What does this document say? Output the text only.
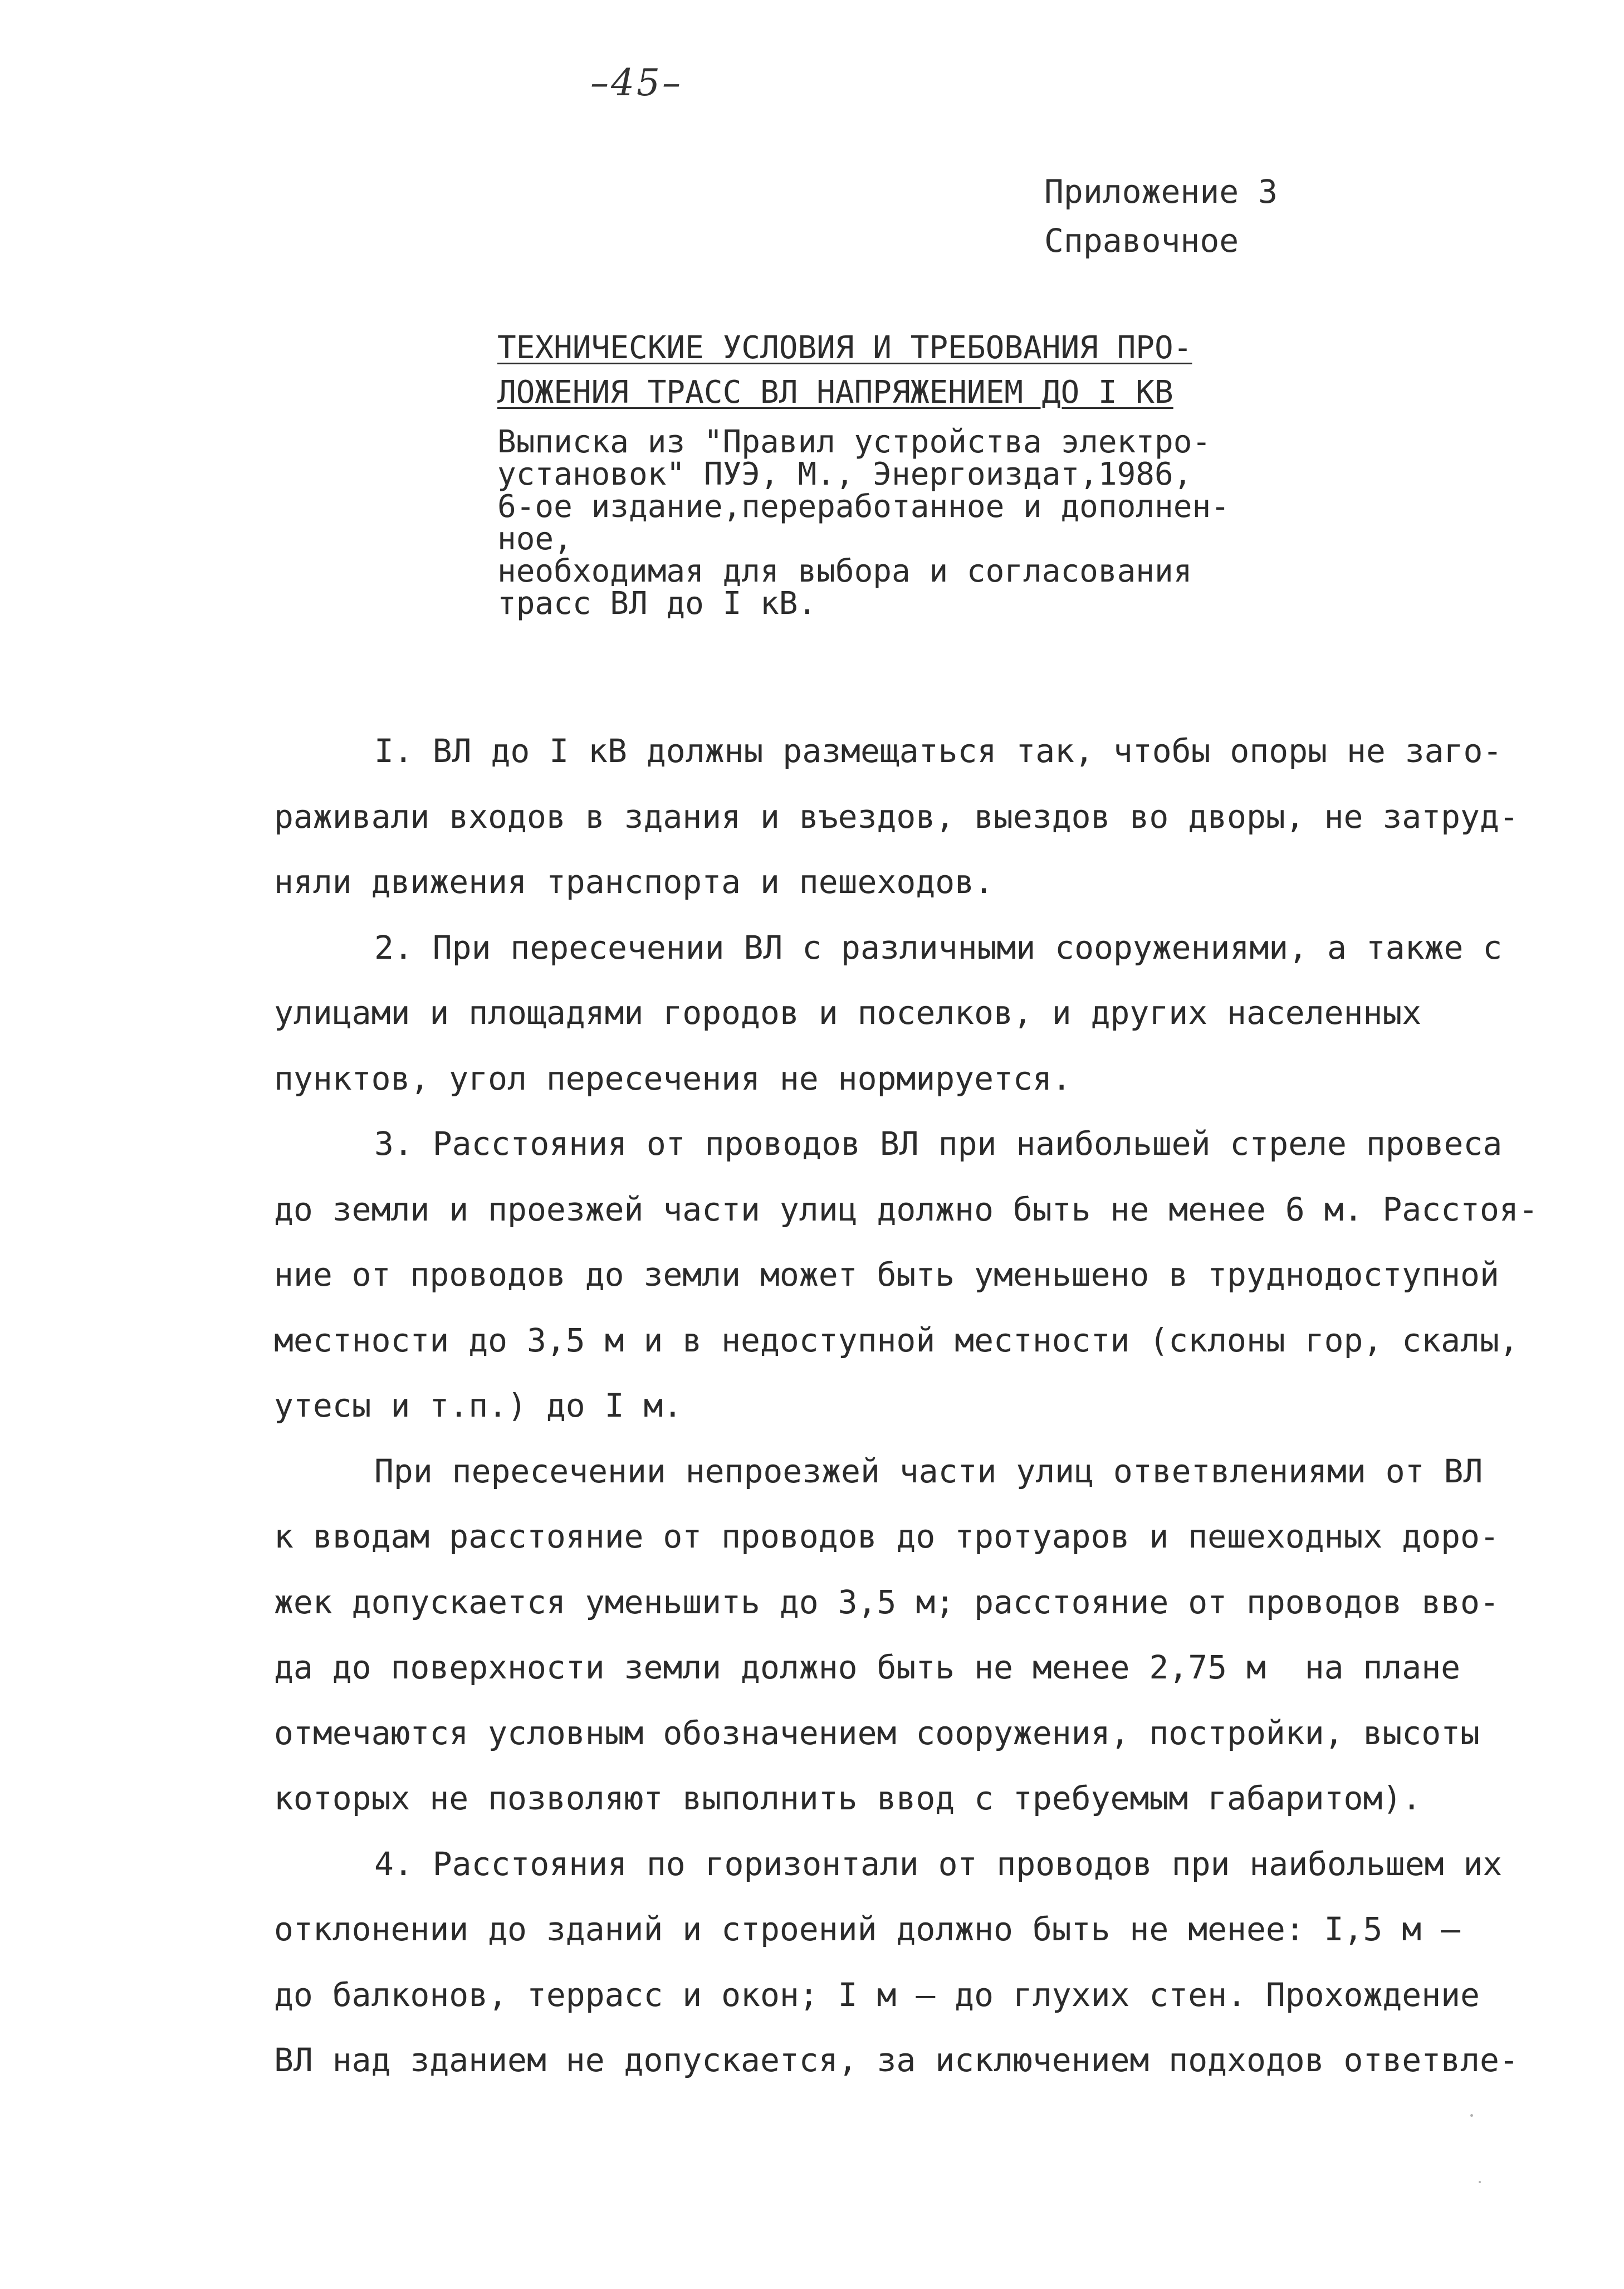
–45–
Приложение 3
Справочное
ТЕХНИЧЕСКИЕ УСЛОВИЯ И ТРЕБОВАНИЯ ПРО-
ЛОЖЕНИЯ ТРАСС ВЛ НАПРЯЖЕНИЕМ ДО I КВ
Выписка из "Правил устройства электро-
установок" ПУЭ, М., Энергоиздат,1986,
6-ое издание,переработанное и дополнен-
ное,
необходимая для выбора и согласования
трасс ВЛ до I кВ.
I. ВЛ до I кВ должны размещаться так, чтобы опоры не заго-
раживали входов в здания и въездов, выездов во дворы, не затруд-
няли движения транспорта и пешеходов.
2. При пересечении ВЛ с различными сооружениями, а также с
улицами и площадями городов и поселков, и других населенных
пунктов, угол пересечения не нормируется.
3. Расстояния от проводов ВЛ при наибольшей стреле провеса
до земли и проезжей части улиц должно быть не менее 6 м. Расстоя-
ние от проводов до земли может быть уменьшено в труднодоступной
местности до 3,5 м и в недоступной местности (склоны гор, скалы,
утесы и т.п.) до I м.
При пересечении непроезжей части улиц ответвлениями от ВЛ
к вводам расстояние от проводов до тротуаров и пешеходных доро-
жек допускается уменьшить до 3,5 м; расстояние от проводов вво-
да до поверхности земли должно быть не менее 2,75 м  на плане
отмечаются условным обозначением сооружения, постройки, высоты
которых не позволяют выполнить ввод с требуемым габаритом).
4. Расстояния по горизонтали от проводов при наибольшем их
отклонении до зданий и строений должно быть не менее: I,5 м –
до балконов, террасс и окон; I м – до глухих стен. Прохождение
ВЛ над зданием не допускается, за исключением подходов ответвле-
